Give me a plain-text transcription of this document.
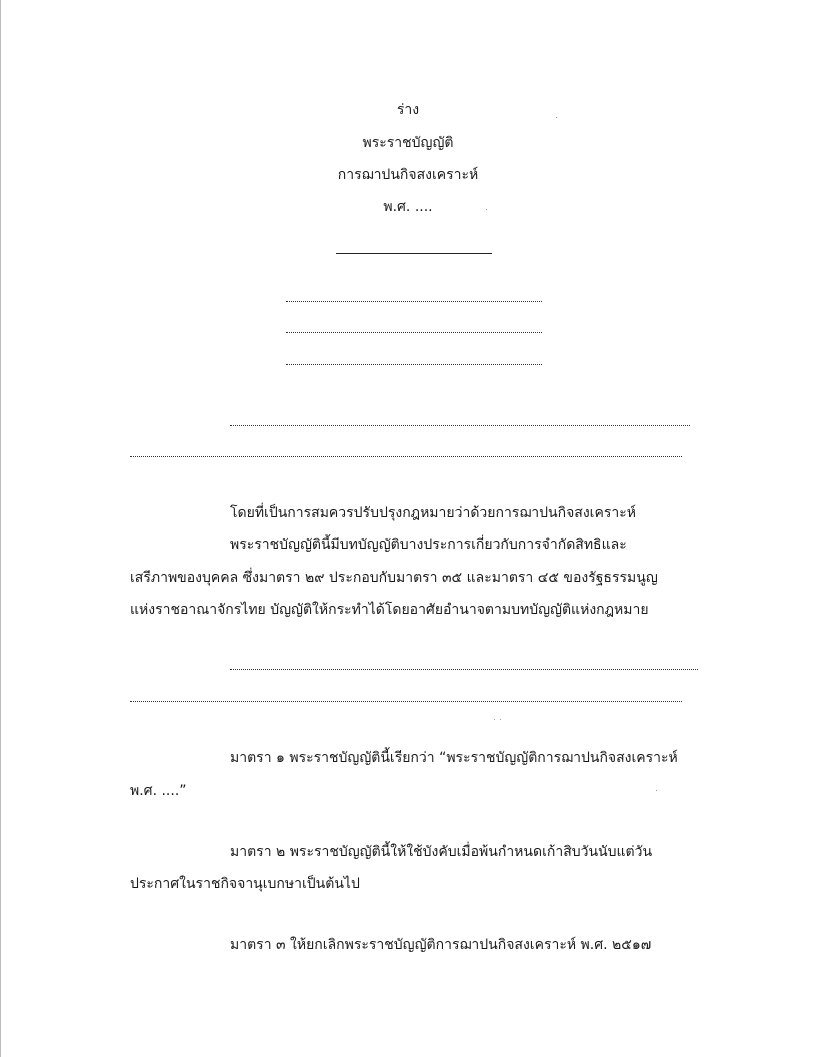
ร่าง
พระราชบัญญัติ
การฌาปนกิจสงเคราะห์
พ.ศ. ....
โดยที่เป็นการสมควรปรับปรุงกฎหมายว่าด้วยการฌาปนกิจสงเคราะห์
พระราชบัญญัตินี้มีบทบัญญัติบางประการเกี่ยวกับการจำกัดสิทธิและ
เสรีภาพของบุคคล ซึ่งมาตรา ๒๙ ประกอบกับมาตรา ๓๕ และมาตรา ๔๕ ของรัฐธรรมนูญ
แห่งราชอาณาจักรไทย บัญญัติให้กระทำได้โดยอาศัยอำนาจตามบทบัญญัติแห่งกฎหมาย
มาตรา ๑ พระราชบัญญัตินี้เรียกว่า “พระราชบัญญัติการฌาปนกิจสงเคราะห์
พ.ศ. ....”
มาตรา ๒ พระราชบัญญัตินี้ให้ใช้บังคับเมื่อพ้นกำหนดเก้าสิบวันนับแต่วัน
ประกาศในราชกิจจานุเบกษาเป็นต้นไป
มาตรา ๓ ให้ยกเลิกพระราชบัญญัติการฌาปนกิจสงเคราะห์ พ.ศ. ๒๕๑๗
